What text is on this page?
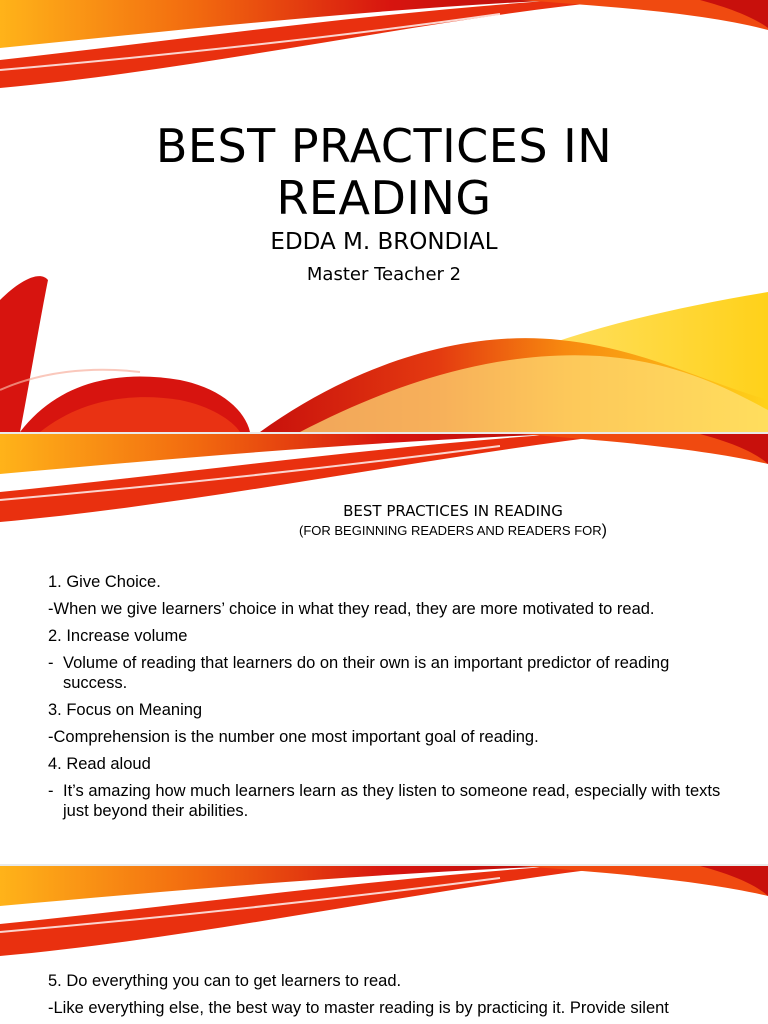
BEST PRACTICES IN READING
EDDA M. BRONDIAL
Master Teacher 2
BEST PRACTICES IN READING
(FOR BEGINNING READERS AND READERS FOR)
1. Give Choice.
-When we give learners’ choice in what they read, they are more motivated to read.
2. Increase volume
- Volume of reading that learners do on their own is an important predictor of reading success.
3. Focus on Meaning
-Comprehension is the number one most important goal of reading.
4. Read aloud
- It’s amazing how much learners learn as they listen to someone read, especially with texts just beyond their abilities.
5. Do everything you can to get learners to read.
-Like everything else, the best way to master reading is by practicing it. Provide silent
